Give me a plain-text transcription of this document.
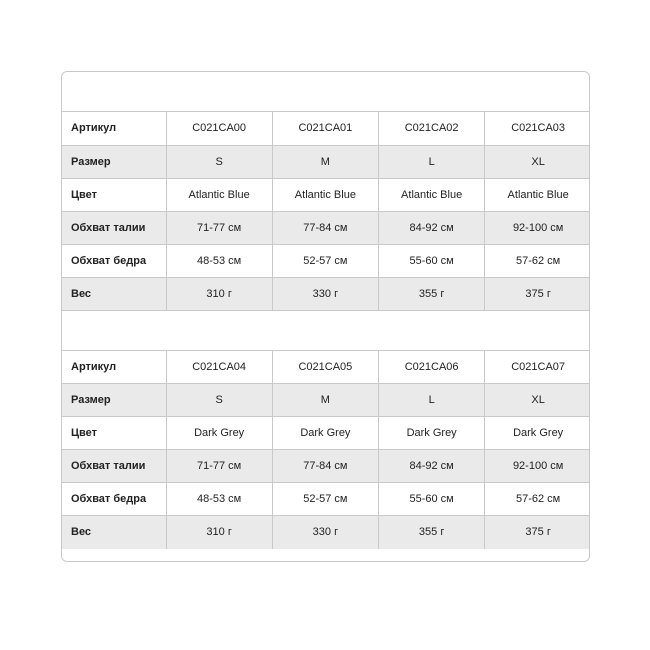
Артикул	C021CA00	C021CA01	C021CA02	C021CA03
Размер	S	M	L	XL
Цвет	Atlantic Blue	Atlantic Blue	Atlantic Blue	Atlantic Blue
Обхват талии	71-77 см	77-84 см	84-92 см	92-100 см
Обхват бедра	48-53 см	52-57 см	55-60 см	57-62 см
Вес	310 г	330 г	355 г	375 г
Артикул	C021CA04	C021CA05	C021CA06	C021CA07
Размер	S	M	L	XL
Цвет	Dark Grey	Dark Grey	Dark Grey	Dark Grey
Обхват талии	71-77 см	77-84 см	84-92 см	92-100 см
Обхват бедра	48-53 см	52-57 см	55-60 см	57-62 см
Вес	310 г	330 г	355 г	375 г
